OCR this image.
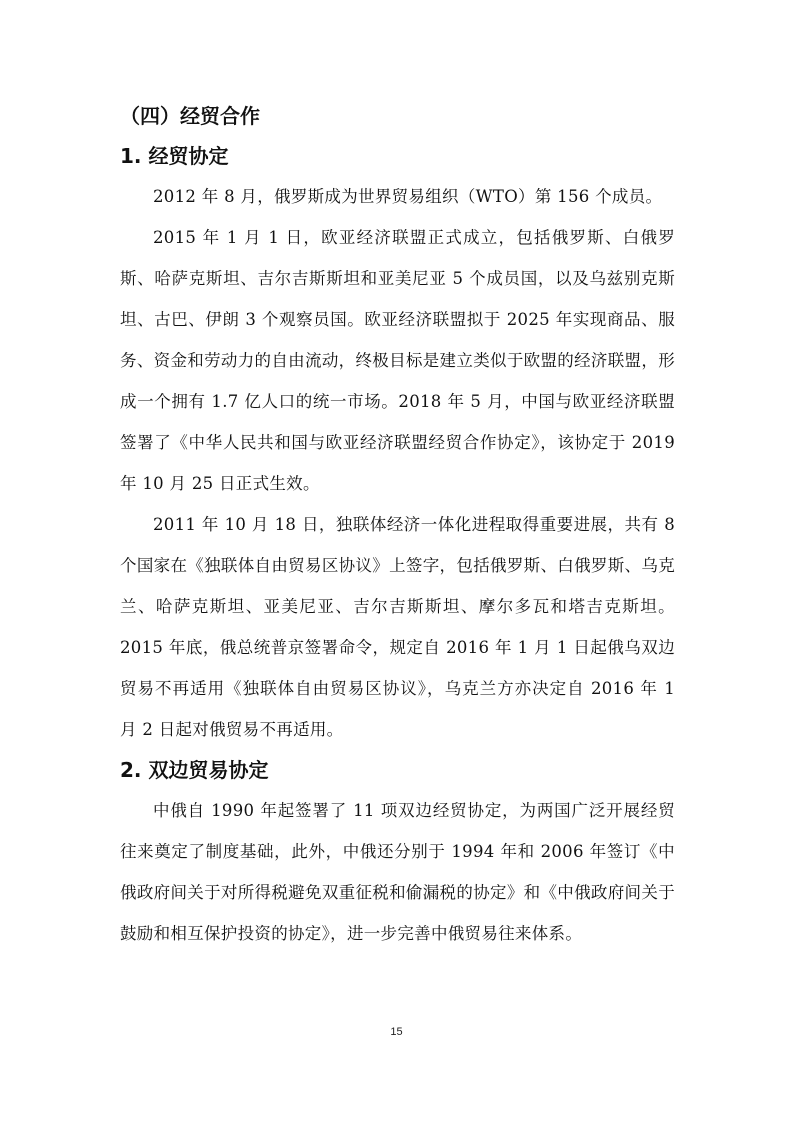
（四）经贸合作
1. 经贸协定

2012 年 8 月，俄罗斯成为世界贸易组织（WTO）第 156 个成员。

2015 年 1 月 1 日，欧亚经济联盟正式成立，包括俄罗斯、白俄罗斯、哈萨克斯坦、吉尔吉斯斯坦和亚美尼亚 5 个成员国，以及乌兹别克斯坦、古巴、伊朗 3 个观察员国。欧亚经济联盟拟于 2025 年实现商品、服务、资金和劳动力的自由流动，终极目标是建立类似于欧盟的经济联盟，形成一个拥有 1.7 亿人口的统一市场。2018 年 5 月，中国与欧亚经济联盟签署了《中华人民共和国与欧亚经济联盟经贸合作协定》，该协定于 2019 年 10 月 25 日正式生效。

2011 年 10 月 18 日，独联体经济一体化进程取得重要进展，共有 8 个国家在《独联体自由贸易区协议》上签字，包括俄罗斯、白俄罗斯、乌克兰、哈萨克斯坦、亚美尼亚、吉尔吉斯斯坦、摩尔多瓦和塔吉克斯坦。2015 年底，俄总统普京签署命令，规定自 2016 年 1 月 1 日起俄乌双边贸易不再适用《独联体自由贸易区协议》，乌克兰方亦决定自 2016 年 1 月 2 日起对俄贸易不再适用。

2. 双边贸易协定

中俄自 1990 年起签署了 11 项双边经贸协定，为两国广泛开展经贸往来奠定了制度基础，此外，中俄还分别于 1994 年和 2006 年签订《中俄政府间关于对所得税避免双重征税和偷漏税的协定》和《中俄政府间关于鼓励和相互保护投资的协定》，进一步完善中俄贸易往来体系。

15
